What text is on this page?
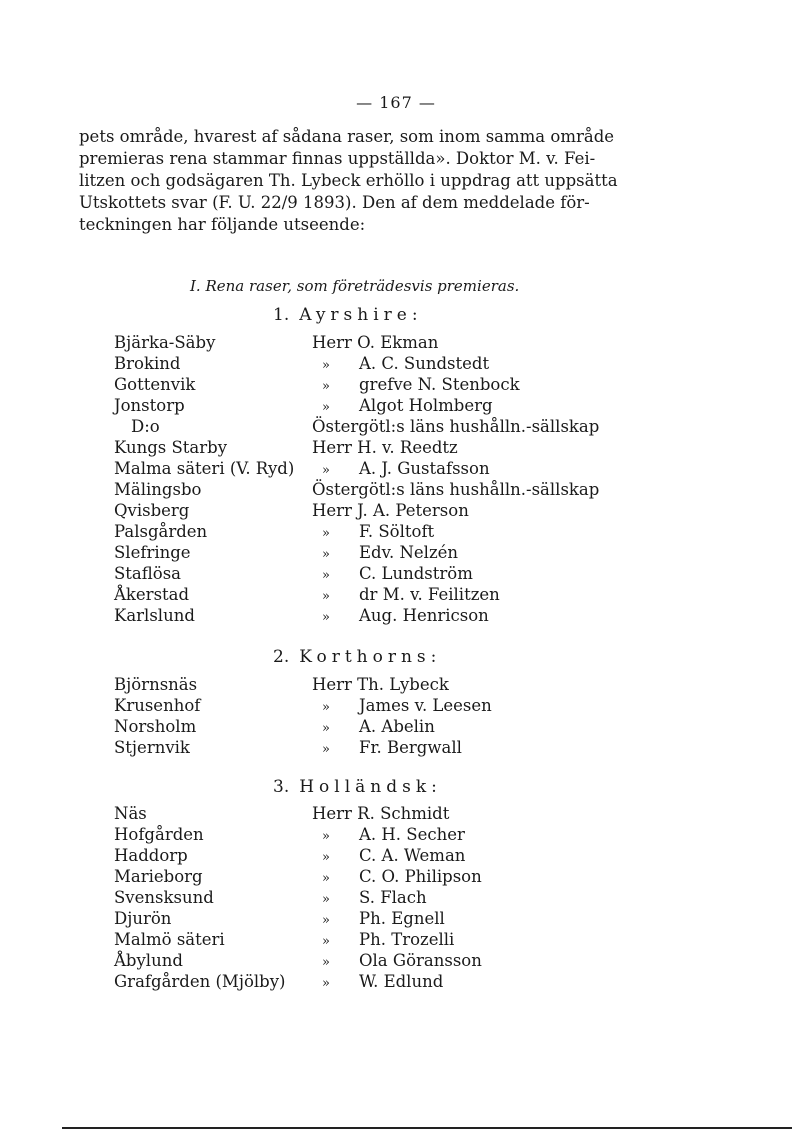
— 167 —
pets område, hvarest af sådana raser, som inom samma område
premieras rena stammar finnas uppställda». Doktor M. v. Fei-
litzen och godsägaren Th. Lybeck erhöllo i uppdrag att uppsätta
Utskottets svar (F. U. 22/9 1893). Den af dem meddelade för-
teckningen har följande utseende:
I. Rena raser, som företrädesvis premieras.
1. Ayrshire:
Bjärka-Säby	Herr O. Ekman
Brokind	» A. C. Sundstedt
Gottenvik	» grefve N. Stenbock
Jonstorp	» Algot Holmberg
D:o	Östergötl:s läns hushålln.-sällskap
Kungs Starby	Herr H. v. Reedtz
Malma säteri (V. Ryd) » A. J. Gustafsson
Mälingsbo	Östergötl:s läns hushålln.-sällskap
Qvisberg	Herr J. A. Peterson
Palsgården	» F. Söltoft
Slefringe	» Edv. Nelzén
Staflösa	» C. Lundström
Åkerstad	» dr M. v. Feilitzen
Karlslund	» Aug. Henricson
2. Korthorns:
Björnsnäs	Herr Th. Lybeck
Krusenhof	» James v. Leesen
Norsholm	» A. Abelin
Stjernvik	» Fr. Bergwall
3. Holländsk:
Näs	Herr R. Schmidt
Hofgården	» A. H. Secher
Haddorp	» C. A. Weman
Marieborg	» C. O. Philipson
Svensksund	» S. Flach
Djurön	» Ph. Egnell
Malmö säteri	» Ph. Trozelli
Åbylund	» Ola Göransson
Grafgården (Mjölby)	» W. Edlund
